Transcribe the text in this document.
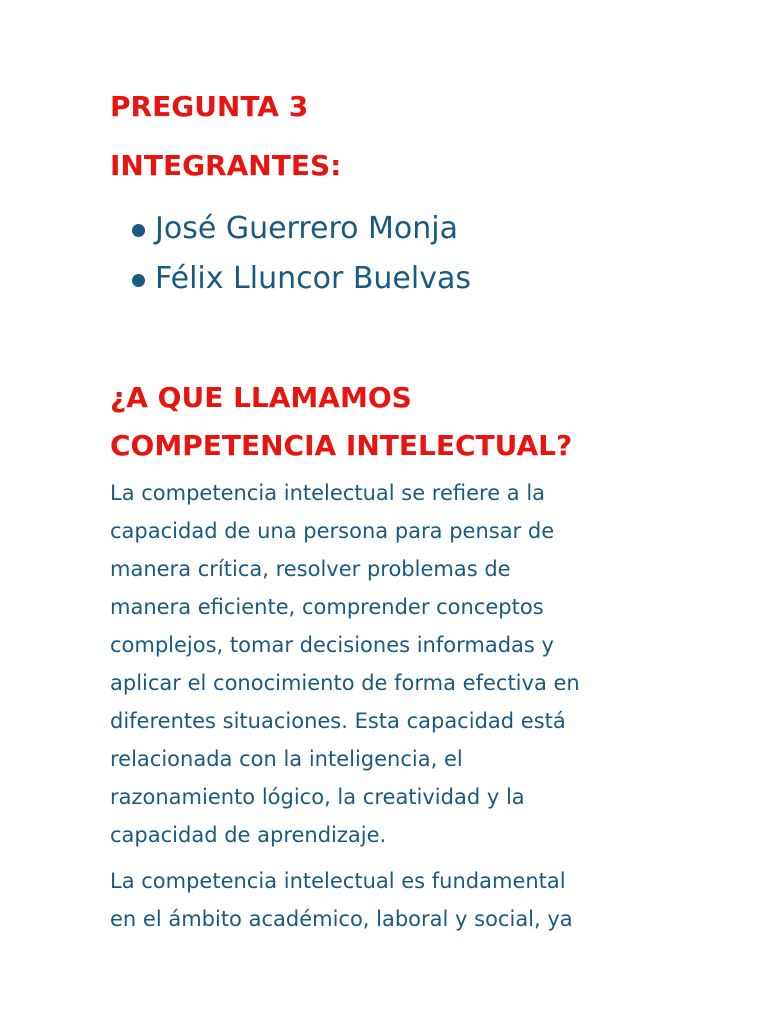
PREGUNTA 3
INTEGRANTES:
José Guerrero Monja
Félix Lluncor Buelvas
¿A QUE LLAMAMOS
COMPETENCIA INTELECTUAL?

La competencia intelectual se refiere a la
capacidad de una persona para pensar de
manera crítica, resolver problemas de
manera eficiente, comprender conceptos
complejos, tomar decisiones informadas y
aplicar el conocimiento de forma efectiva en
diferentes situaciones. Esta capacidad está
relacionada con la inteligencia, el
razonamiento lógico, la creatividad y la
capacidad de aprendizaje.

La competencia intelectual es fundamental
en el ámbito académico, laboral y social, ya
